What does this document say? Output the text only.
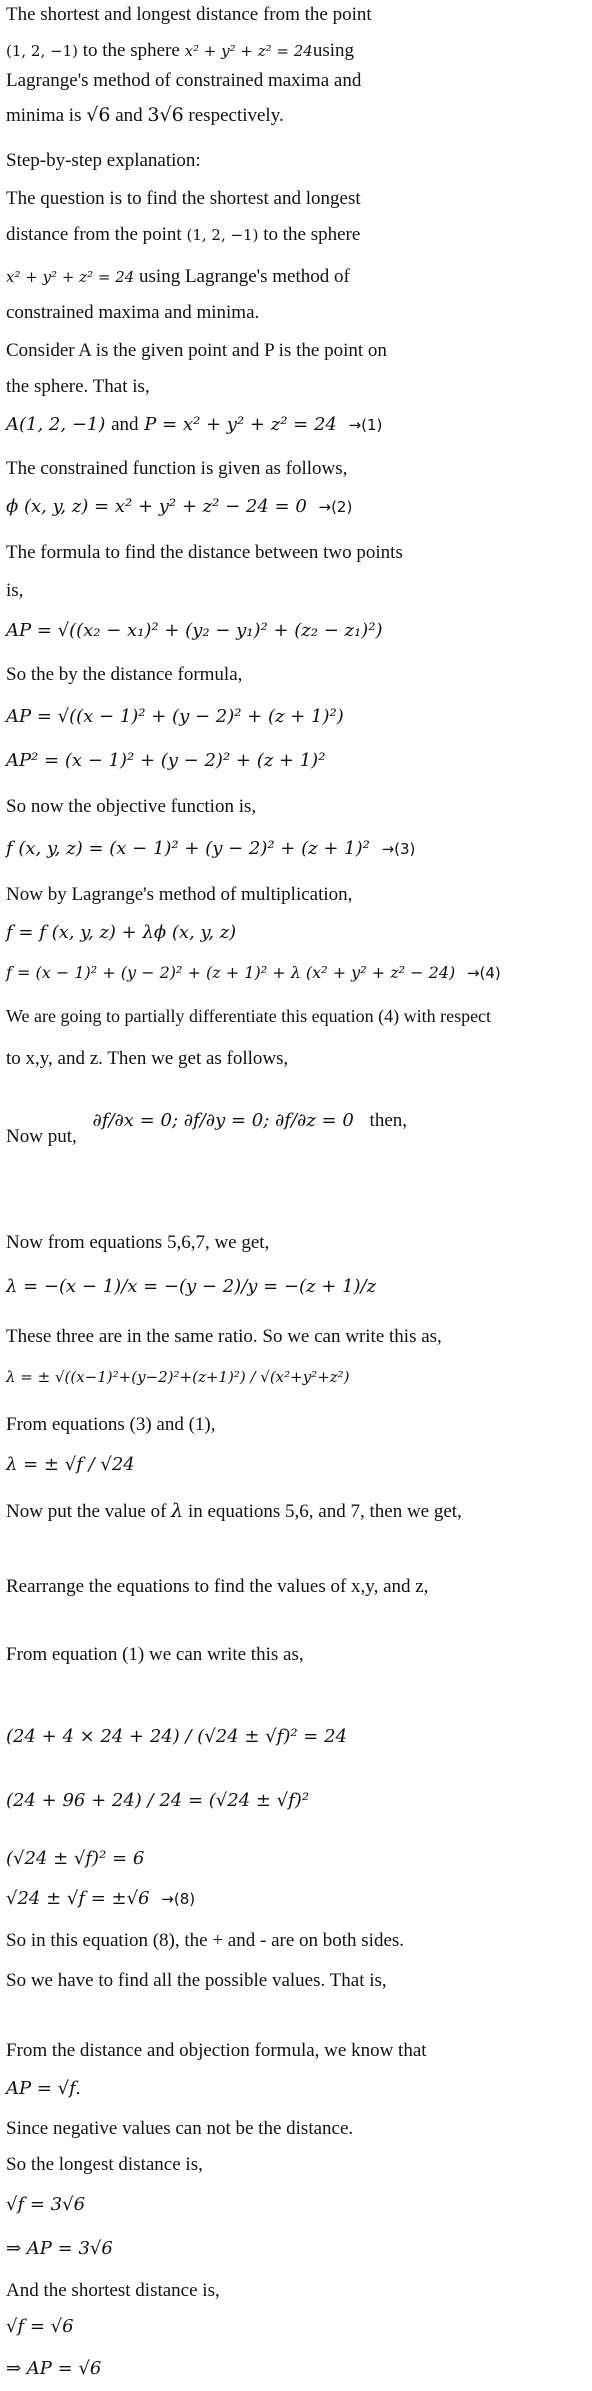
The shortest and longest distance from the point
(1, 2, −1) to the sphere x² + y² + z² = 24using
Lagrange's method of constrained maxima and
minima is √6 and 3√6 respectively.
Step-by-step explanation:
The question is to find the shortest and longest
distance from the point (1, 2, −1) to the sphere
x² + y² + z² = 24 using Lagrange's method of
constrained maxima and minima.
Consider A is the given point and P is the point on
the sphere. That is,
A(1, 2, −1) and P = x² + y² + z² = 24 →(1)
The constrained function is given as follows,
ϕ (x, y, z) = x² + y² + z² − 24 = 0 →(2)
The formula to find the distance between two points
is,
AP = √((x₂ − x₁)² + (y₂ − y₁)² + (z₂ − z₁)²)
So the by the distance formula,
AP = √((x − 1)² + (y − 2)² + (z + 1)²)
AP² = (x − 1)² + (y − 2)² + (z + 1)²
So now the objective function is,
f (x, y, z) = (x − 1)² + (y − 2)² + (z + 1)² →(3)
Now by Lagrange's method of multiplication,
f = f (x, y, z) + λϕ (x, y, z)
f = (x − 1)² + (y − 2)² + (z + 1)² + λ (x² + y² + z² − 24) →(4)
We are going to partially differentiate this equation (4) with respect
to x,y, and z. Then we get as follows,
Now put, ∂f/∂x = 0; ∂f/∂y = 0; ∂f/∂z = 0 then,
Now from equations 5,6,7, we get,
λ = −(x − 1)/x = −(y − 2)/y = −(z + 1)/z
These three are in the same ratio. So we can write this as,
λ = ± √((x−1)²+(y−2)²+(z+1)²) / √(x²+y²+z²)
From equations (3) and (1),
λ = ± √f / √24
Now put the value of λ in equations 5,6, and 7, then we get,
Rearrange the equations to find the values of x,y, and z,
From equation (1) we can write this as,
(24 + 4 × 24 + 24) / (√24 ± √f)² = 24
(24 + 96 + 24) / 24 = (√24 ± √f)²
(√24 ± √f)² = 6
√24 ± √f = ±√6 →(8)
So in this equation (8), the + and - are on both sides.
So we have to find all the possible values. That is,
From the distance and objection formula, we know that
AP = √f.
Since negative values can not be the distance.
So the longest distance is,
√f = 3√6
⇒ AP = 3√6
And the shortest distance is,
√f = √6
⇒ AP = √6
